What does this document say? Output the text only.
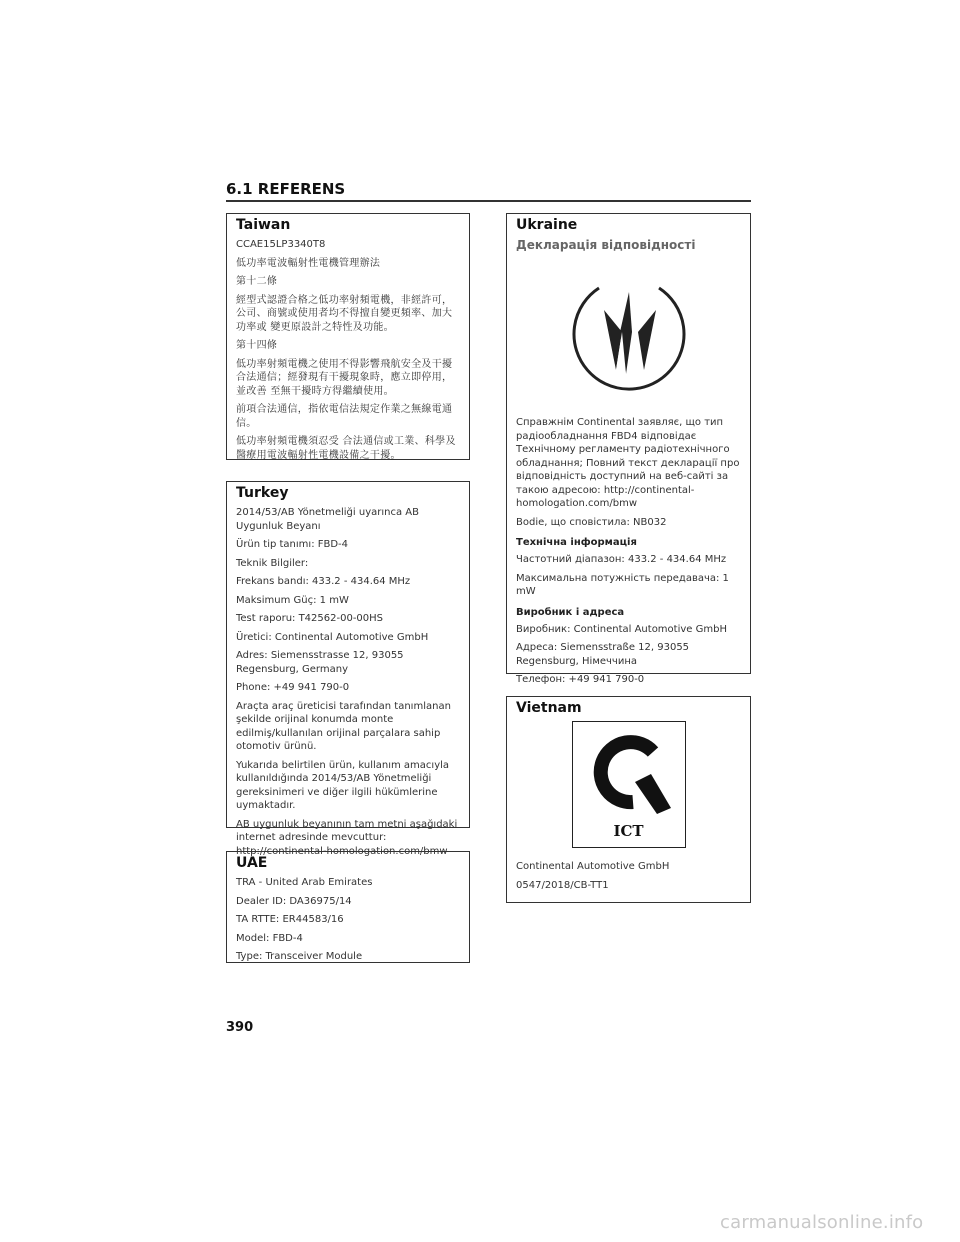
6.1 REFERENS
Taiwan

CCAE15LP3340T8

低功率電波輻射性電機管理辦法

第十二條

經型式認證合格之低功率射頻電機，非經許可，公司、商號或使用者均不得擅自變更頻率、加大功率或 變更原設計之特性及功能。

第十四條

低功率射頻電機之使用不得影響飛航安全及干擾合法通信；經發現有干擾現象時，應立即停用，並改善 至無干擾時方得繼續使用。

前項合法通信，指依電信法規定作業之無線電通信。

低功率射頻電機須忍受 合法通信或工業、科學及醫療用電波輻射性電機設備之干擾。

Turkey

2014/53/AB Yönetmeliği uyarınca AB Uygunluk Beyanı

Ürün tip tanımı: FBD-4

Teknik Bilgiler:

Frekans bandı: 433.2 - 434.64 MHz

Maksimum Güç: 1 mW

Test raporu: T42562-00-00HS

Üretici: Continental Automotive GmbH

Adres: Siemensstrasse 12, 93055 Regensburg, Germany

Phone: +49 941 790-0

Araçta araç üreticisi tarafından tanımlanan şekilde orijinal konumda monte edilmiş/kullanılan orijinal parçalara sahip otomotiv ürünü.

Yukarıda belirtilen ürün, kullanım amacıyla kullanıldığında 2014/53/AB Yönetmeliği gereksinimeri ve diğer ilgili hükümlerine uymaktadır.

AB uygunluk beyanının tam metni aşağıdaki internet adresinde mevcuttur: http://continental-homologation.com/bmw

UAE

TRA - United Arab Emirates

Dealer ID: DA36975/14

TA RTTE: ER44583/16

Model: FBD-4

Type: Transceiver Module

Ukraine
Декларація відповідності

Справжнім Continental заявляє, що тип радіообладнання FBD4 відповідає Технічному регламенту радіотехнічного обладнання; Повний текст декларації про відповідність доступний на веб-сайті за такою адресою: http://continental-homologation.com/bmw

Bodie, що сповістила: NB032

Технічна інформація

Частотний діапазон: 433.2 - 434.64 MHz

Максимальна потужність передавача: 1 mW

Виробник і адреса

Виробник: Continental Automotive GmbH

Адреса: Siemensstraße 12, 93055 Regensburg, Німеччина

Телефон: +49 941 790-0

Vietnam
ICT

Continental Automotive GmbH

0547/2018/CB-TT1

390
carmanualsonline.info
